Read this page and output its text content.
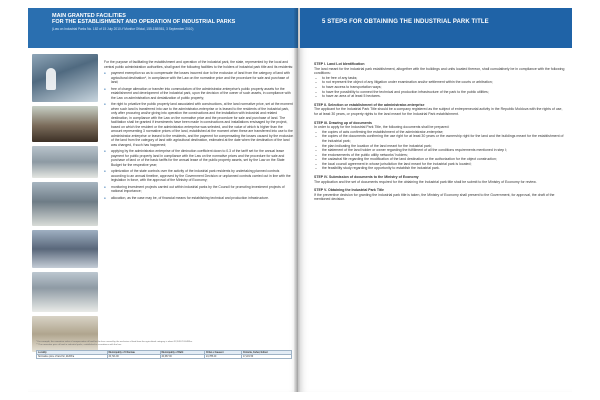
MAIN GRANTED FACILITIES
FOR THE ESTABLISHMENT AND OPERATION OF INDUSTRIAL PARKS
(Law on Industrial Parks No. 182 of 15 July 2010 // Monitor Oficial, 155-158/561, 3 September 2010)

For the purpose of facilitating the establishment and operation of the industrial park, the state, represented by the local and central public administration authorities, shall grant the following facilities to the holders of industrial park title and its residents:

● payment exemption so as to compensate the losses incurred due to the exclusion of land from the category of land with agricultural destination*, in compliance with the Law on the normative price and the procedure for sale and purchase of land;
● free of charge alienation or transfer into commodatum of the administrator-enterprise's public property assets for the establishment and development of the industrial park, upon the decision of the owner of such assets, in compliance with the Law on administration and destatization of public property;
● the right to privatize the public property land associated with constructions, at the land normative price, set at the moment when such land is transferred into use to the administrator-enterprise or is leased to the residents of the industrial park, only after procuring and/or giving into operation the constructions and the installation with industrial and related destination, in compliance with the Law on the normative price and the procedure for sale and purchase of land. The facilitation shall be granted if investments have been made in constructions and installations envisaged by the project, based on which the resident or the administrator-enterprise was selected, and the value of which is higher than the amount representing 3 normative prices of the land, established at the moment when these are transferred into use to the administrator-enterprise or leased to the residents, and the payment for compensating the losses caused by the exclusion of the land from the category of land with agricultural destination, estimated at the date when the destination of the land was changed, if such has happened;
● applying by the administrator-enterprise of the diminution coefficient down to 0.3 of the tariff set for the annual lease payment for public property land in compliance with the Law on the normative prices and the procedure for sale and purchase of land or of the basic tariffs for the annual lease of the public property assets, set by the Law on the State Budget for the respective year;
● optimization of the state controls over the activity of the industrial park residents by undertaking planned controls according to an annual timeline, approved by the Government Decision or unplanned controls carried out in line with the legislation in force, with the approval of the Ministry of Economy;
● monitoring investment projects carried out within industrial parks by the Council for promoting investment projects of national importance;
● allocation, as the case may be, of financial means for establishing technical and production infrastructure.
* For example, the normative value of compensation of land for the loss caused by the exclusion of land from the agricultural category is about 32,349.70 EUR/ha.
** The normative price of land in industrial parks, established in accordance with the law:
Locality	Municipality of Chisinau	Municipality of Balti	Orhei e Causeni	Cimislia, Cahul, Edinet
Normative price of land for, EUR/ha	34,721.90	40,667.00	24,785.40	17,221.50
5 STEPS FOR OBTAINING THE INDUSTRIAL PARK TITLE

STEP I. Land Lot Identification

The land meant for the industrial park establishment, altogether with the buildings and units located thereon, shall cumulatively be in compliance with the following conditions:

– to be free of any tasks;
– to not represent the object of any litigation under examination and/or settlement within the courts or arbitration;
– to have access to transportation ways;
– to have the possibility to connect the technical and production infrastructure of the park to the public utilities;
– to have an area of at least 5 hectares.

STEP II. Selection or establishment of the administrator-enterprise

The applicant for the Industrial Park Title should be a company registered as the subject of entrepreneurial activity in the Republic Moldova with the rights of use, for at least 30 years, or property rights to the land meant for the Industrial Park establishment.

STEP III. Drawing up of documents

In order to apply for the Industrial Park Title, the following documents shall be prepared:

– the copies of acts confirming the establishment of the administrator-enterprise;
– the copies of the documents confirming the use right for at least 30 years or the ownership right for the land and the buildings meant for the establishment of the industrial park;
– the plan indicating the location of the land meant for the industrial park;
– the statement of the land holder or owner regarding the fulfillment of all the conditions requirements mentioned in step I;
– the endorsements of the public utility networks' holders;
– the cadastral file regarding the modification of the land destination or the authorization for the object construction;
– the local council agreement in whose jurisdiction the land meant for the industrial park is located;
– the feasibility study regarding the opportunity to establish the industrial park.

STEP IV. Submission of documents to the Ministry of Economy

The application and the set of documents required for the obtaining the Industrial park title shall be submit to the Ministry of Economy for review.

STEP V. Obtaining the Industrial Park Title

If the preventive decision for granting the industrial park title is taken, the Ministry of Economy shall present to the Government, for approval, the draft of the mentioned decision.
